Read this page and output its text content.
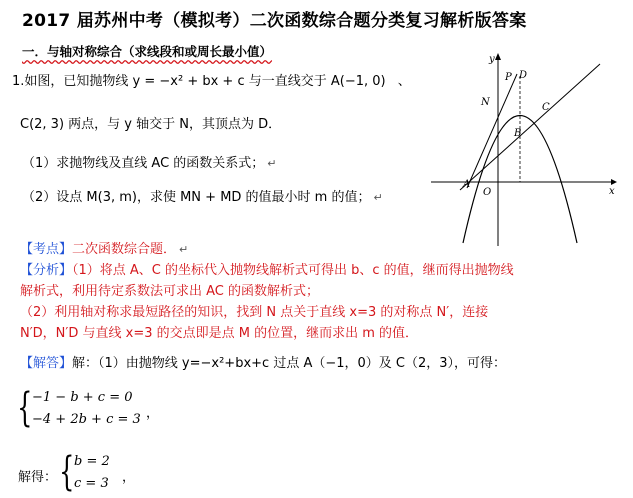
2017 届苏州中考（模拟考）二次函数综合题分类复习解析版答案
一．与轴对称综合（求线段和或周长最小值）
1.如图，已知抛物线 y = −x² + bx + c 与一直线交于 A(−1, 0) 、
C(2, 3) 两点，与 y 轴交于 N，其顶点为 D．
（1）求抛物线及直线 AC 的函数关系式； ↵
（2）设点 M(3, m)，求使 MN + MD 的值最小时 m 的值； ↵
y
x
P D
N	C
B
A
O
【考点】二次函数综合题． ↵
【分析】（1）将点 A、C 的坐标代入抛物线解析式可得出 b、c 的值，继而得出抛物线
解析式，利用待定系数法可求出 AC 的函数解析式；
（2）利用轴对称求最短路径的知识，找到 N 点关于直线 x=3 的对称点 N′，连接
N′D，N′D 与直线 x=3 的交点即是点 M 的位置，继而求出 m 的值．
【解答】解：（1）由抛物线 y=−x²+bx+c 过点 A（−1，0）及 C（2，3），可得：
{ −1 − b + c = 0
−4 + 2b + c = 3 ，
解得： { b = 2
c = 3 ，
